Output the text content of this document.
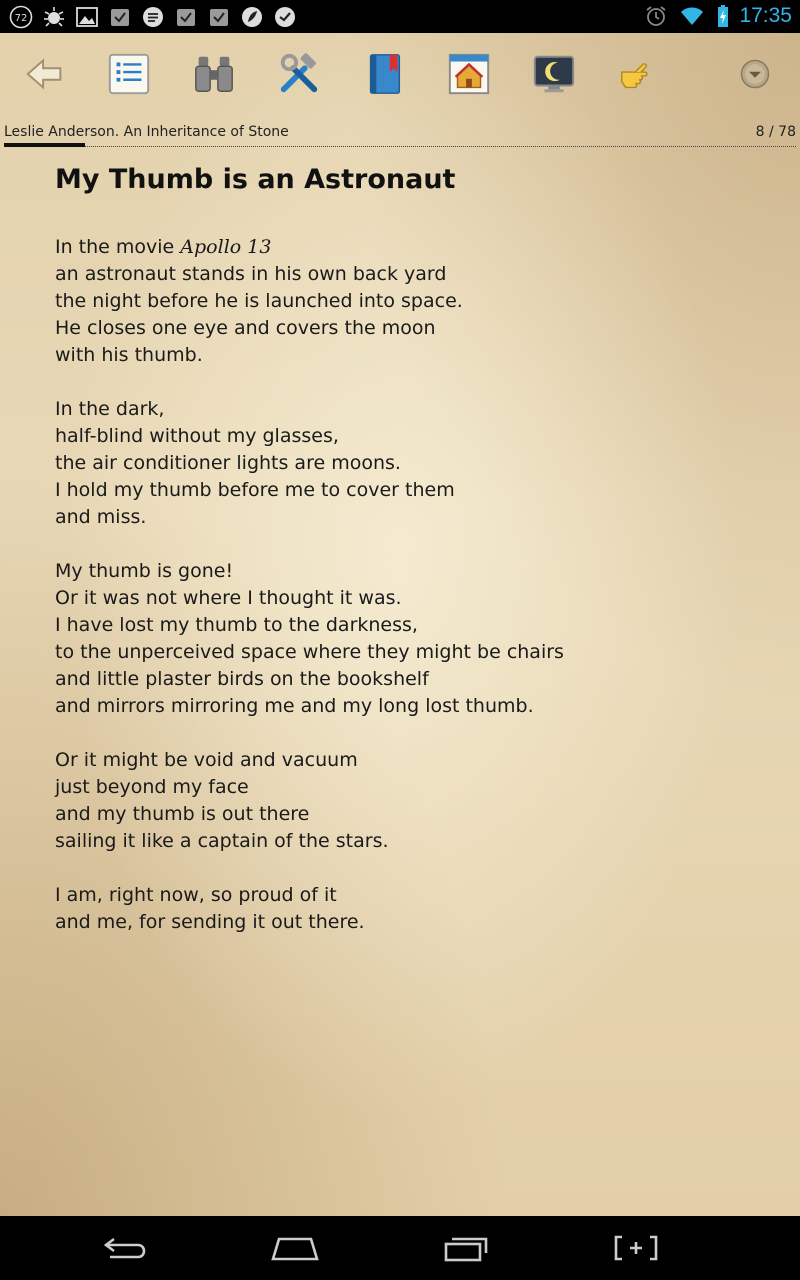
72	17:35
Leslie Anderson. An Inheritance of Stone	8 / 78
My Thumb is an Astronaut
In the movie Apollo 13
an astronaut stands in his own back yard
the night before he is launched into space.
He closes one eye and covers the moon
with his thumb.
In the dark,
half-blind without my glasses,
the air conditioner lights are moons.
I hold my thumb before me to cover them
and miss.
My thumb is gone!
Or it was not where I thought it was.
I have lost my thumb to the darkness,
to the unperceived space where they might be chairs
and little plaster birds on the bookshelf
and mirrors mirroring me and my long lost thumb.
Or it might be void and vacuum
just beyond my face
and my thumb is out there
sailing it like a captain of the stars.
I am, right now, so proud of it
and me, for sending it out there.
